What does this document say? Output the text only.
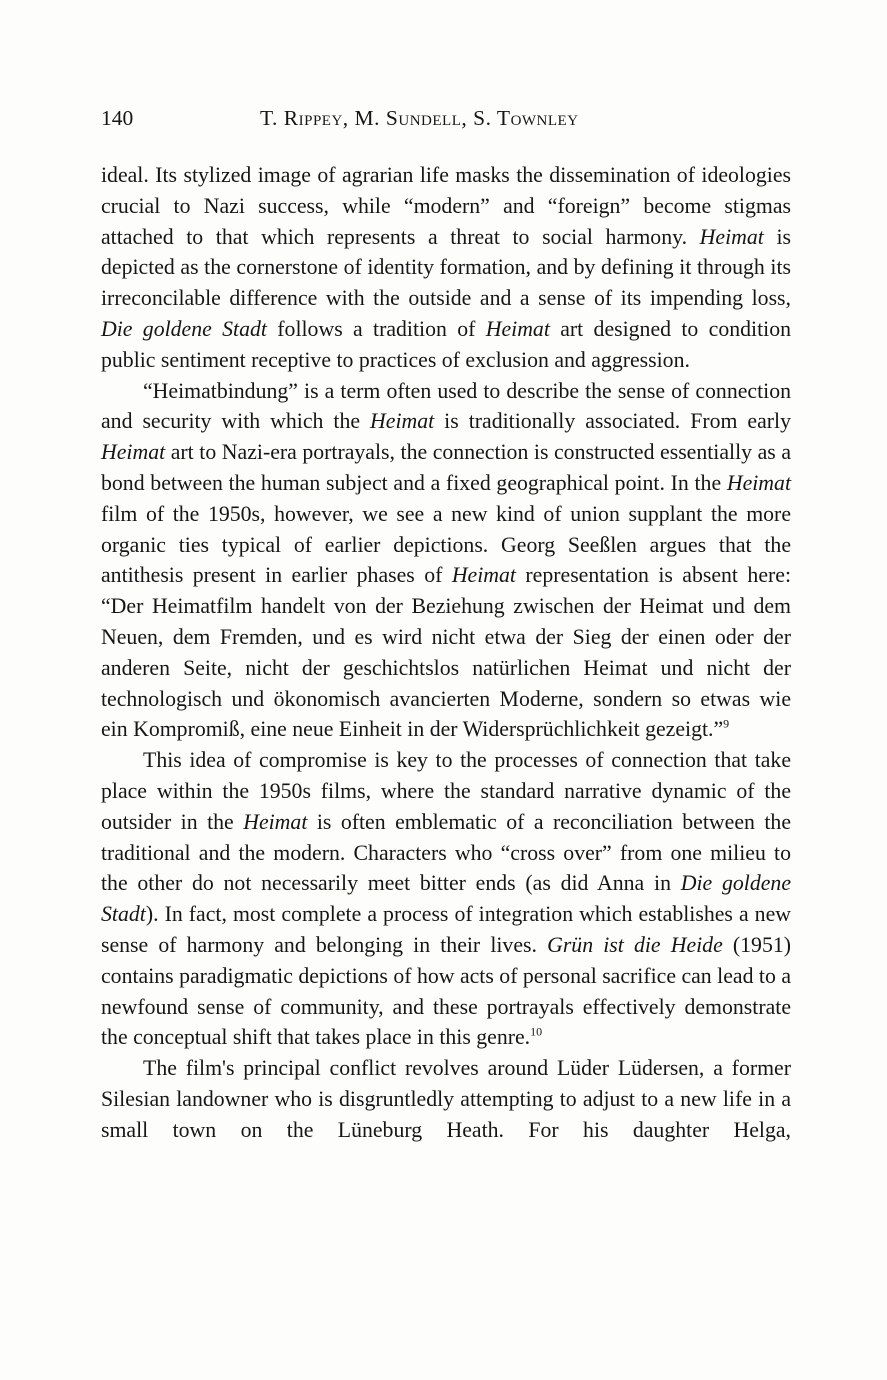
140	T. Rippey, M. Sundell, S. Townley

ideal. Its stylized image of agrarian life masks the dissemination of ideologies crucial to Nazi success, while “modern” and “foreign” become stigmas attached to that which represents a threat to social harmony. Heimat is depicted as the cornerstone of identity formation, and by defining it through its irreconcilable difference with the outside and a sense of its impending loss, Die goldene Stadt follows a tradition of Heimat art designed to condition public sentiment receptive to practices of exclusion and aggression.

“Heimatbindung” is a term often used to describe the sense of connection and security with which the Heimat is traditionally associated. From early Heimat art to Nazi-era portrayals, the connection is constructed essentially as a bond between the human subject and a fixed geographical point. In the Heimat film of the 1950s, however, we see a new kind of union supplant the more organic ties typical of earlier depictions. Georg Seeßlen argues that the antithesis present in earlier phases of Heimat representation is absent here: “Der Heimatfilm handelt von der Beziehung zwischen der Heimat und dem Neuen, dem Fremden, und es wird nicht etwa der Sieg der einen oder der anderen Seite, nicht der geschichtslos natürlichen Heimat und nicht der technologisch und ökonomisch avancierten Moderne, sondern so etwas wie ein Kompromiß, eine neue Einheit in der Widersprüchlichkeit gezeigt.”$^9$

This idea of compromise is key to the processes of connection that take place within the 1950s films, where the standard narrative dynamic of the outsider in the Heimat is often emblematic of a reconciliation between the traditional and the modern. Characters who “cross over” from one milieu to the other do not necessarily meet bitter ends (as did Anna in Die goldene Stadt). In fact, most complete a process of integration which establishes a new sense of harmony and belonging in their lives. Grün ist die Heide (1951) contains paradigmatic depictions of how acts of personal sacrifice can lead to a newfound sense of community, and these portrayals effectively demonstrate the conceptual shift that takes place in this genre.$^{10}$

The film's principal conflict revolves around Lüder Lüdersen, a former Silesian landowner who is disgruntledly attempting to adjust to a new life in a small town on the Lüneburg Heath. For his daughter Helga,
